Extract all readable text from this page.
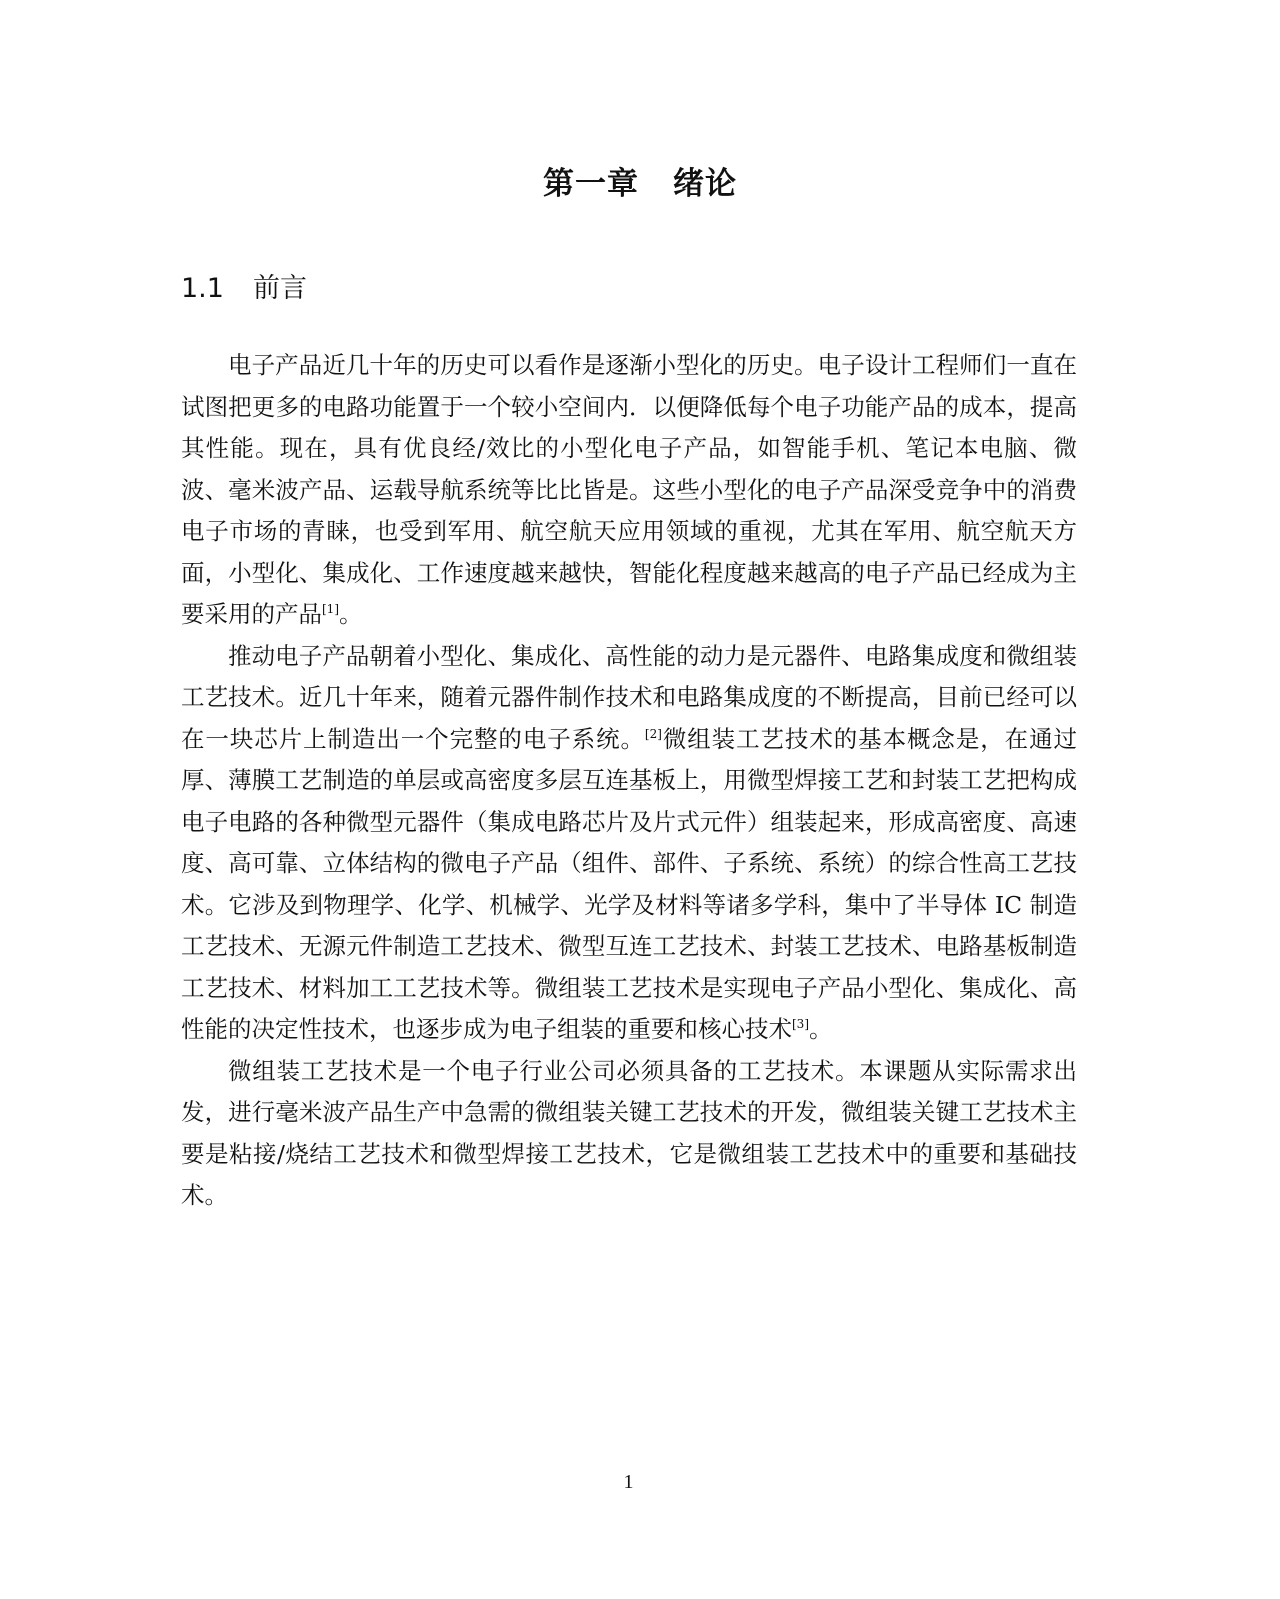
第一章 绪论
1.1 前言

电子产品近几十年的历史可以看作是逐渐小型化的历史。电子设计工程师们一直在试图把更多的电路功能置于一个较小空间内．以便降低每个电子功能产品的成本，提高其性能。现在，具有优良经/效比的小型化电子产品，如智能手机、笔记本电脑、微波、毫米波产品、运载导航系统等比比皆是。这些小型化的电子产品深受竞争中的消费电子市场的青睐，也受到军用、航空航天应用领域的重视，尤其在军用、航空航天方面，小型化、集成化、工作速度越来越快，智能化程度越来越高的电子产品已经成为主要采用的产品[1]。

推动电子产品朝着小型化、集成化、高性能的动力是元器件、电路集成度和微组装工艺技术。近几十年来，随着元器件制作技术和电路集成度的不断提高，目前已经可以在一块芯片上制造出一个完整的电子系统。[2]微组装工艺技术的基本概念是，在通过厚、薄膜工艺制造的单层或高密度多层互连基板上，用微型焊接工艺和封装工艺把构成电子电路的各种微型元器件（集成电路芯片及片式元件）组装起来，形成高密度、高速度、高可靠、立体结构的微电子产品（组件、部件、子系统、系统）的综合性高工艺技术。它涉及到物理学、化学、机械学、光学及材料等诸多学科，集中了半导体 IC 制造工艺技术、无源元件制造工艺技术、微型互连工艺技术、封装工艺技术、电路基板制造工艺技术、材料加工工艺技术等。微组装工艺技术是实现电子产品小型化、集成化、高性能的决定性技术，也逐步成为电子组装的重要和核心技术[3]。

微组装工艺技术是一个电子行业公司必须具备的工艺技术。本课题从实际需求出发，进行毫米波产品生产中急需的微组装关键工艺技术的开发，微组装关键工艺技术主要是粘接/烧结工艺技术和微型焊接工艺技术，它是微组装工艺技术中的重要和基础技术。

1
